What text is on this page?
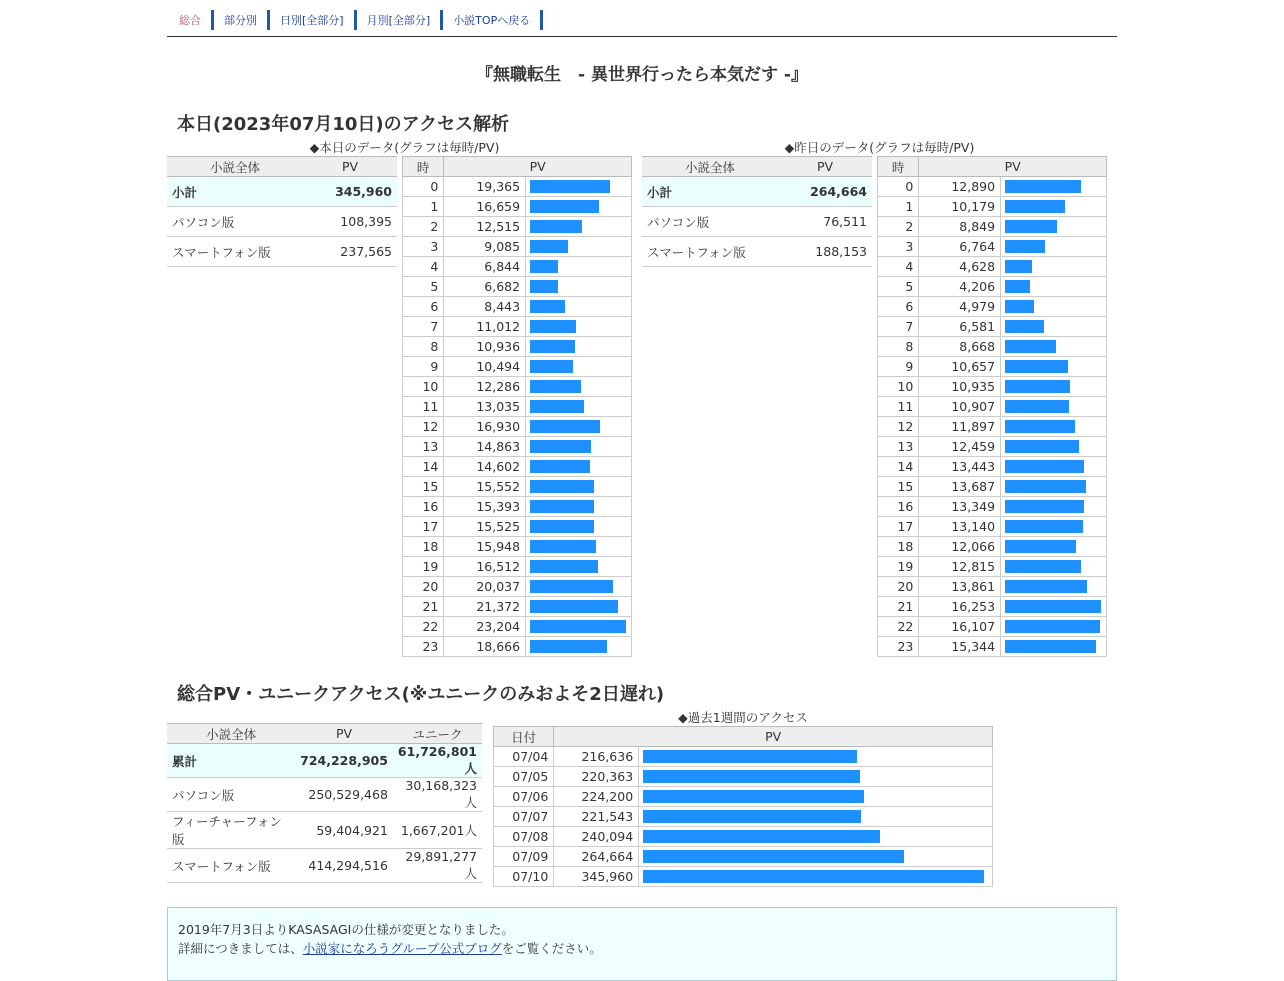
総合 部分別 日別[全部分] 月別[全部分] 小説TOPへ戻る
『無職転生　- 異世界行ったら本気だす -』
本日(2023年07月10日)のアクセス解析
◆本日のデータ(グラフは毎時/PV)	◆昨日のデータ(グラフは毎時/PV)
小説全体	PV
小計	345,960
パソコン版	108,395
スマートフォン版	237,565
時	PV	
0	19,365	

1	16,659	

2	12,515	

3	9,085	

4	6,844	

5	6,682	

6	8,443	

7	11,012	

8	10,936	

9	10,494	

10	12,286	

11	13,035	

12	16,930	

13	14,863	

14	14,602	

15	15,552	

16	15,393	

17	15,525	

18	15,948	

19	16,512	

20	20,037	

21	21,372	

22	23,204	

23	18,666	
小説全体	PV
小計	264,664
パソコン版	76,511
スマートフォン版	188,153
時	PV	
0	12,890	

1	10,179	

2	8,849	

3	6,764	

4	4,628	

5	4,206	

6	4,979	

7	6,581	

8	8,668	

9	10,657	

10	10,935	

11	10,907	

12	11,897	

13	12,459	

14	13,443	

15	13,687	

16	13,349	

17	13,140	

18	12,066	

19	12,815	

20	13,861	

21	16,253	

22	16,107	

23	15,344	
総合PV・ユニークアクセス(※ユニークのみおよそ2日遅れ)
小説全体	PV	ユニーク
累計	724,228,905	61,726,801人
パソコン版	250,529,468	30,168,323人
フィーチャーフォン版	59,404,921	1,667,201人
スマートフォン版	414,294,516	29,891,277人
◆過去1週間のアクセス
日付	PV	
07/04	216,636	

07/05	220,363	

07/06	224,200	

07/07	221,543	

07/08	240,094	

07/09	264,664	

07/10	345,960	
2019年7月3日よりKASASAGIの仕様が変更となりました。
詳細につきましては、小説家になろうグループ公式ブログをご覧ください。
